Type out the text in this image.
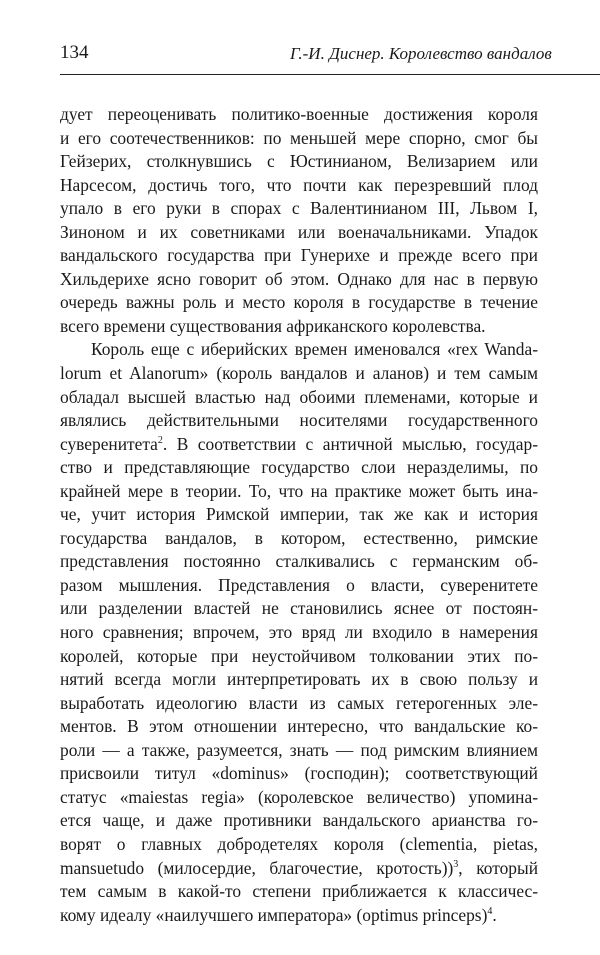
134	Г.-И. Диснер. Королевство вандалов
дует переоценивать политико-военные достижения короля
и его соотечественников: по меньшей мере спорно, смог бы
Гейзерих, столкнувшись с Юстинианом, Велизарием или
Нарсесом, достичь того, что почти как перезревший плод
упало в его руки в спорах с Валентинианом III, Львом I,
Зиноном и их советниками или военачальниками. Упадок
вандальского государства при Гунерихе и прежде всего при
Хильдерихе ясно говорит об этом. Однако для нас в первую
очередь важны роль и место короля в государстве в течение
всего времени существования африканского королевства.
Король еще с иберийских времен именовался «rex Wanda-
lorum et Alanorum» (король вандалов и аланов) и тем самым
обладал высшей властью над обоими племенами, которые и
являлись действительными носителями государственного
суверенитета$^2$. В соответствии с античной мыслью, государ-
ство и представляющие государство слои неразделимы, по
крайней мере в теории. То, что на практике может быть ина-
че, учит история Римской империи, так же как и история
государства вандалов, в котором, естественно, римские
представления постоянно сталкивались с германским об-
разом мышления. Представления о власти, суверенитете
или разделении властей не становились яснее от постоян-
ного сравнения; впрочем, это вряд ли входило в намерения
королей, которые при неустойчивом толковании этих по-
нятий всегда могли интерпретировать их в свою пользу и
выработать идеологию власти из самых гетерогенных эле-
ментов. В этом отношении интересно, что вандальские ко-
роли — а также, разумеется, знать — под римским влиянием
присвоили титул «dominus» (господин); соответствующий
статус «maiestas regia» (королевское величество) упомина-
ется чаще, и даже противники вандальского арианства го-
ворят о главных добродетелях короля (clementia, pietas,
mansuetudo (милосердие, благочестие, кротость))$^3$, который
тем самым в какой-то степени приближается к классичес-
кому идеалу «наилучшего императора» (optimus princeps)$^4$.
